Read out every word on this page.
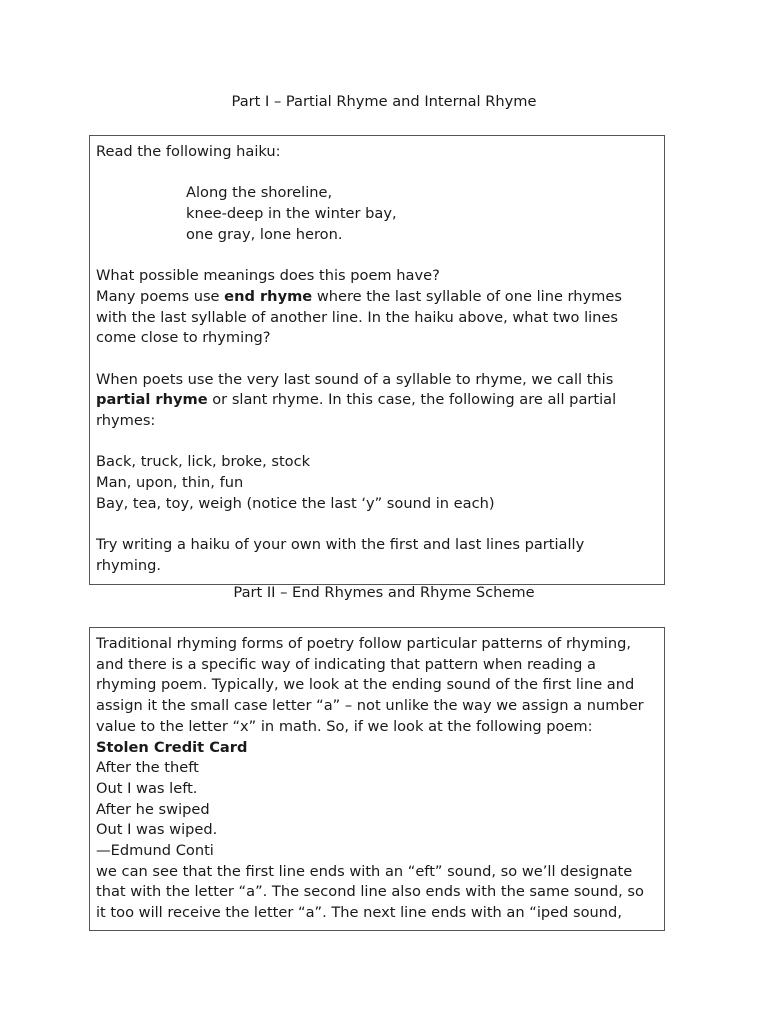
Part I – Partial Rhyme and Internal Rhyme

Read the following haiku:

Along the shoreline,

knee-deep in the winter bay,

one gray, lone heron.

What possible meanings does this poem have?

Many poems use end rhyme where the last syllable of one line rhymes

with the last syllable of another line. In the haiku above, what two lines

come close to rhyming?

When poets use the very last sound of a syllable to rhyme, we call this

partial rhyme or slant rhyme. In this case, the following are all partial

rhymes:

Back, truck, lick, broke, stock

Man, upon, thin, fun

Bay, tea, toy, weigh (notice the last ‘y” sound in each)

Try writing a haiku of your own with the first and last lines partially

rhyming.

Part II – End Rhymes and Rhyme Scheme

Traditional rhyming forms of poetry follow particular patterns of rhyming,

and there is a specific way of indicating that pattern when reading a

rhyming poem. Typically, we look at the ending sound of the first line and

assign it the small case letter “a” – not unlike the way we assign a number

value to the letter “x” in math. So, if we look at the following poem:

Stolen Credit Card

After the theft

Out I was left.

After he swiped

Out I was wiped.

—Edmund Conti

we can see that the first line ends with an “eft” sound, so we’ll designate

that with the letter “a”. The second line also ends with the same sound, so

it too will receive the letter “a”. The next line ends with an “iped sound,
